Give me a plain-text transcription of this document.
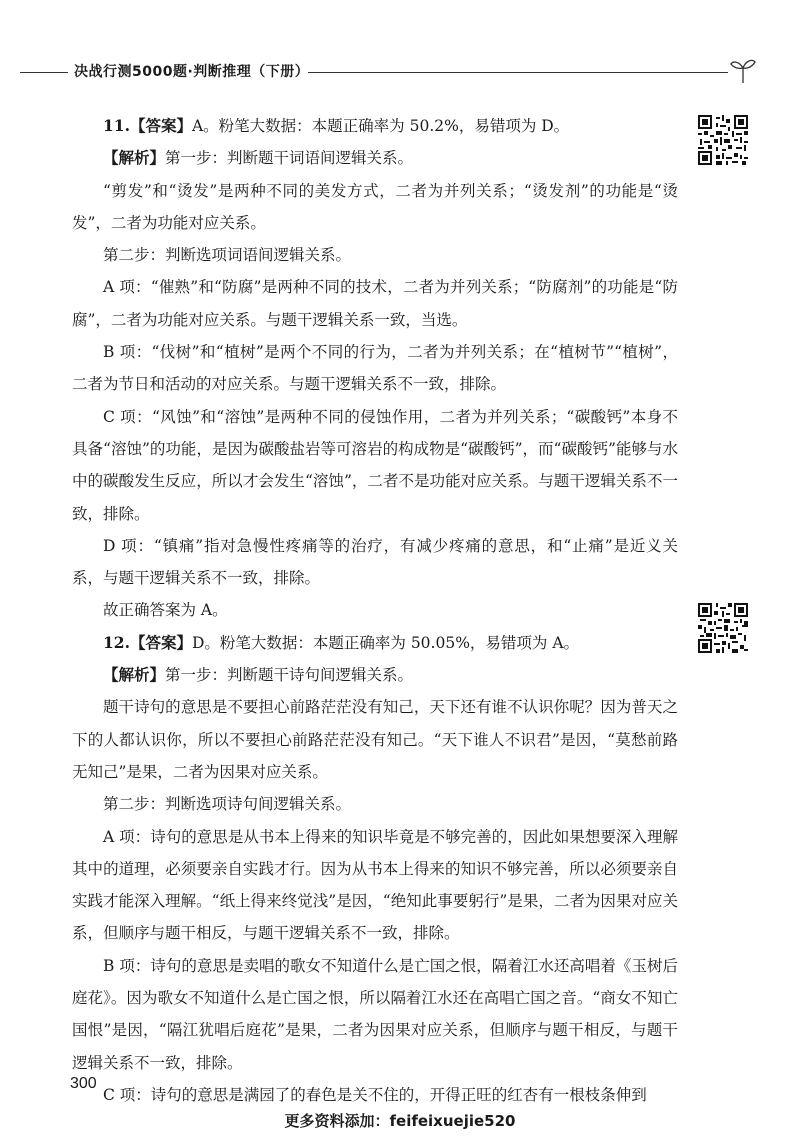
决战行测5000题·判断推理（下册）

11.【答案】A。粉笔大数据：本题正确率为 50.2%，易错项为 D。

【解析】第一步：判断题干词语间逻辑关系。

“剪发”和“烫发”是两种不同的美发方式，二者为并列关系；“烫发剂”的功能是“烫发”，二者为功能对应关系。

第二步：判断选项词语间逻辑关系。

A 项：“催熟”和“防腐”是两种不同的技术，二者为并列关系；“防腐剂”的功能是“防腐”，二者为功能对应关系。与题干逻辑关系一致，当选。

B 项：“伐树”和“植树”是两个不同的行为，二者为并列关系；在“植树节”“植树”，二者为节日和活动的对应关系。与题干逻辑关系不一致，排除。

C 项：“风蚀”和“溶蚀”是两种不同的侵蚀作用，二者为并列关系；“碳酸钙”本身不具备“溶蚀”的功能，是因为碳酸盐岩等可溶岩的构成物是“碳酸钙”，而“碳酸钙”能够与水中的碳酸发生反应，所以才会发生“溶蚀”，二者不是功能对应关系。与题干逻辑关系不一致，排除。

D 项：“镇痛”指对急慢性疼痛等的治疗，有减少疼痛的意思，和“止痛”是近义关系，与题干逻辑关系不一致，排除。

故正确答案为 A。

12.【答案】D。粉笔大数据：本题正确率为 50.05%，易错项为 A。

【解析】第一步：判断题干诗句间逻辑关系。

题干诗句的意思是不要担心前路茫茫没有知己，天下还有谁不认识你呢？因为普天之下的人都认识你，所以不要担心前路茫茫没有知己。“天下谁人不识君”是因，“莫愁前路无知己”是果，二者为因果对应关系。

第二步：判断选项诗句间逻辑关系。

A 项：诗句的意思是从书本上得来的知识毕竟是不够完善的，因此如果想要深入理解其中的道理，必须要亲自实践才行。因为从书本上得来的知识不够完善，所以必须要亲自实践才能深入理解。“纸上得来终觉浅”是因，“绝知此事要躬行”是果，二者为因果对应关系，但顺序与题干相反，与题干逻辑关系不一致，排除。

B 项：诗句的意思是卖唱的歌女不知道什么是亡国之恨，隔着江水还高唱着《玉树后庭花》。因为歌女不知道什么是亡国之恨，所以隔着江水还在高唱亡国之音。“商女不知亡国恨”是因，“隔江犹唱后庭花”是果，二者为因果对应关系，但顺序与题干相反，与题干逻辑关系不一致，排除。

C 项：诗句的意思是满园了的春色是关不住的，开得正旺的红杏有一根枝条伸到

300
更多资料添加：feifeixuejie520
